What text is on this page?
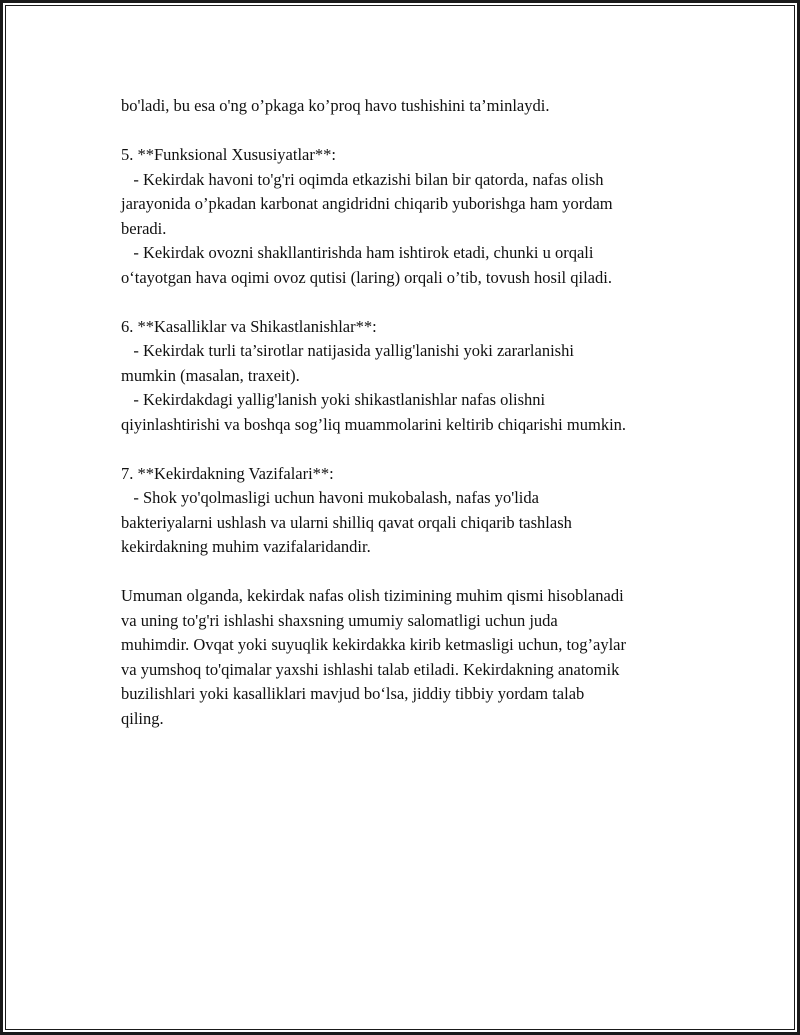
bo'ladi, bu esa o'ng o’pkaga ko’proq havo tushishini ta’minlaydi.
5. **Funksional Xususiyatlar**:
- Kekirdak havoni to'g'ri oqimda etkazishi bilan bir qatorda, nafas olish
jarayonida o’pkadan karbonat angidridni chiqarib yuborishga ham yordam
beradi.
- Kekirdak ovozni shakllantirishda ham ishtirok etadi, chunki u orqali
o‘tayotgan hava oqimi ovoz qutisi (laring) orqali o’tib, tovush hosil qiladi.
6. **Kasalliklar va Shikastlanishlar**:
- Kekirdak turli ta’sirotlar natijasida yallig'lanishi yoki zararlanishi
mumkin (masalan, traxeit).
- Kekirdakdagi yallig'lanish yoki shikastlanishlar nafas olishni
qiyinlashtirishi va boshqa sog’liq muammolarini keltirib chiqarishi mumkin.
7. **Kekirdakning Vazifalari**:
- Shok yo'qolmasligi uchun havoni mukobalash, nafas yo'lida
bakteriyalarni ushlash va ularni shilliq qavat orqali chiqarib tashlash
kekirdakning muhim vazifalaridandir.
Umuman olganda, kekirdak nafas olish tizimining muhim qismi hisoblanadi
va uning to'g'ri ishlashi shaxsning umumiy salomatligi uchun juda
muhimdir. Ovqat yoki suyuqlik kekirdakka kirib ketmasligi uchun, tog’aylar
va yumshoq to'qimalar yaxshi ishlashi talab etiladi. Kekirdakning anatomik
buzilishlari yoki kasalliklari mavjud bo‘lsa, jiddiy tibbiy yordam talab
qiling.
